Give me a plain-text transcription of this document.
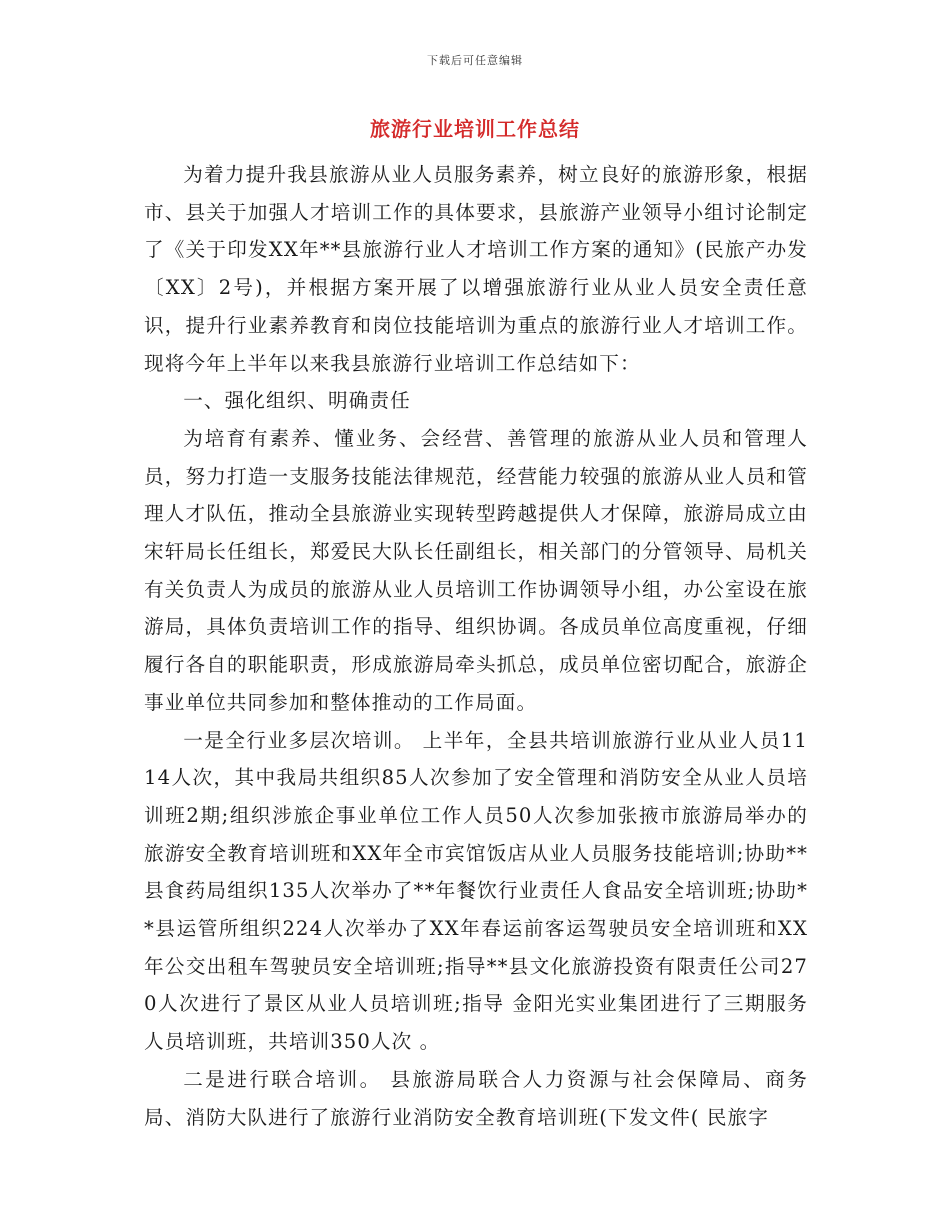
下载后可任意编辑
旅游行业培训工作总结

为着力提升我县旅游从业人员服务素养，树立良好的旅游形象，根据市、县关于加强人才培训工作的具体要求，县旅游产业领导小组讨论制定了《关于印发XX年**县旅游行业人才培训工作方案的通知》(民旅产办发〔XX〕2号)，并根据方案开展了以增强旅游行业从业人员安全责任意识，提升行业素养教育和岗位技能培训为重点的旅游行业人才培训工作。现将今年上半年以来我县旅游行业培训工作总结如下：

一、强化组织、明确责任

为培育有素养、懂业务、会经营、善管理的旅游从业人员和管理人员，努力打造一支服务技能法律规范，经营能力较强的旅游从业人员和管理人才队伍，推动全县旅游业实现转型跨越提供人才保障，旅游局成立由宋轩局长任组长，郑爱民大队长任副组长，相关部门的分管领导、局机关有关负责人为成员的旅游从业人员培训工作协调领导小组，办公室设在旅游局，具体负责培训工作的指导、组织协调。各成员单位高度重视，仔细履行各自的职能职责，形成旅游局牵头抓总，成员单位密切配合，旅游企事业单位共同参加和整体推动的工作局面。

一是全行业多层次培训。 上半年，全县共培训旅游行业从业人员1114人次，其中我局共组织85人次参加了安全管理和消防安全从业人员培训班2期;组织涉旅企事业单位工作人员50人次参加张掖市旅游局举办的旅游安全教育培训班和XX年全市宾馆饭店从业人员服务技能培训;协助**县食药局组织135人次举办了**年餐饮行业责任人食品安全培训班;协助**县运管所组织224人次举办了XX年春运前客运驾驶员安全培训班和XX年公交出租车驾驶员安全培训班;指导**县文化旅游投资有限责任公司270人次进行了景区从业人员培训班;指导 金阳光实业集团进行了三期服务人员培训班，共培训350人次 。

二是进行联合培训。 县旅游局联合人力资源与社会保障局、商务局、消防大队进行了旅游行业消防安全教育培训班(下发文件( 民旅字
